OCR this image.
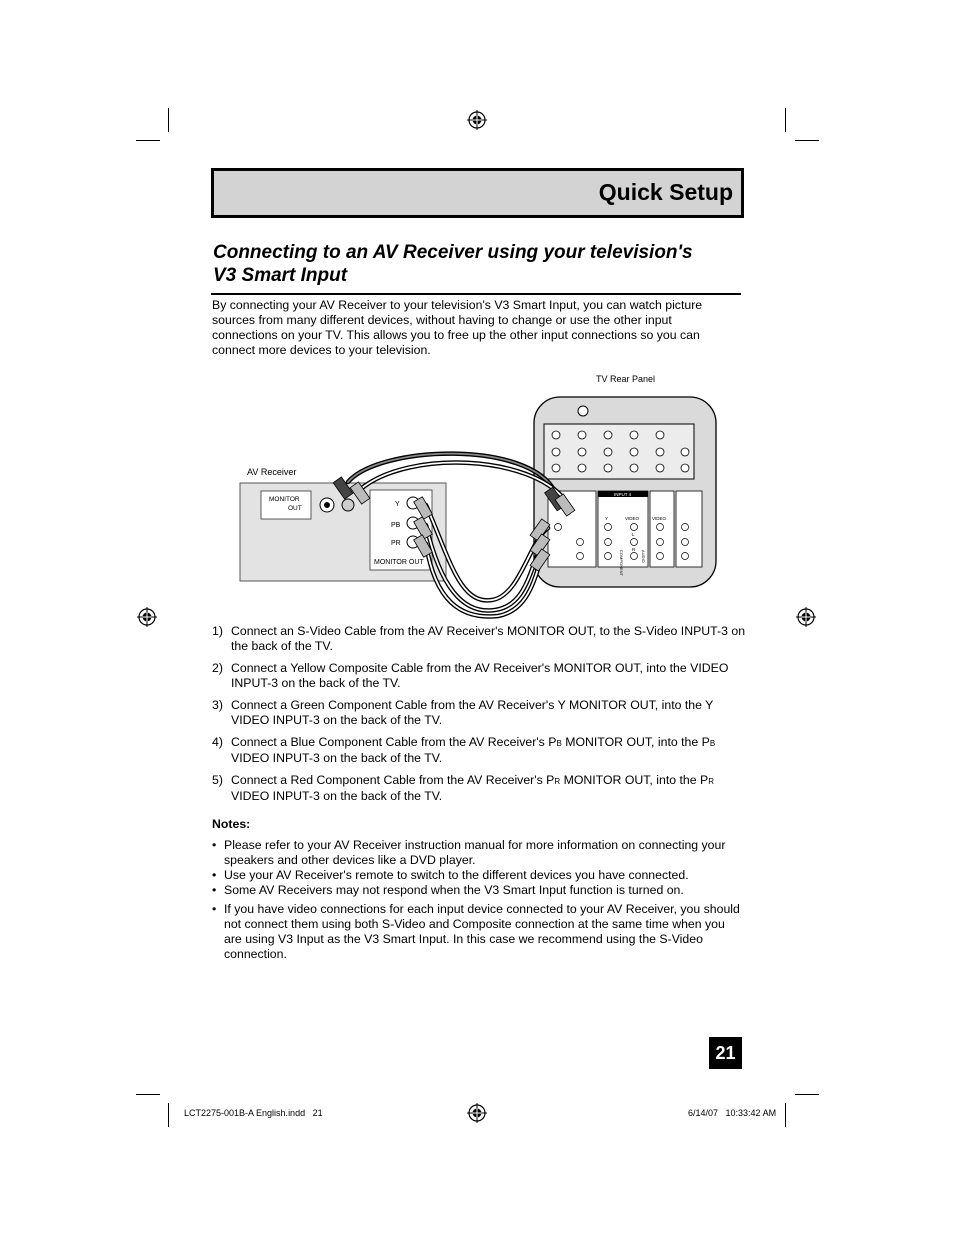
Quick Setup
Connecting to an AV Receiver using your television's
V3 Smart Input
By connecting your AV Receiver to your television's V3 Smart Input, you can watch picture sources from many different devices, without having to change or use the other input connections on your TV. This allows you to free up the other input connections so you can connect more devices to your television.
AV Receiver
MONITOR
OUT
Y
PB
PR
MONITOR OUT
TV Rear Panel
INPUT 4
Y	VIDEO	VIDEO
L
R
COMPONENT	AUDIO
1) Connect an S-Video Cable from the AV Receiver's MONITOR OUT, to the S-Video INPUT-3 on the back of the TV.
2) Connect a Yellow Composite Cable from the AV Receiver's MONITOR OUT, into the VIDEO INPUT-3 on the back of the TV.
3) Connect a Green Component Cable from the AV Receiver's Y MONITOR OUT, into the Y VIDEO INPUT-3 on the back of the TV.
4) Connect a Blue Component Cable from the AV Receiver's PB MONITOR OUT, into the PB VIDEO INPUT-3 on the back of the TV.
5) Connect a Red Component Cable from the AV Receiver's PR MONITOR OUT, into the PR VIDEO INPUT-3 on the back of the TV.
Notes:
• Please refer to your AV Receiver instruction manual for more information on connecting your speakers and other devices like a DVD player.
• Use your AV Receiver's remote to switch to the different devices you have connected.
• Some AV Receivers may not respond when the V3 Smart Input function is turned on.
• If you have video connections for each input device connected to your AV Receiver, you should not connect them using both S-Video and Composite connection at the same time when you are using V3 Input as the V3 Smart Input. In this case we recommend using the S-Video connection.
21
LCT2275-001B-A English.indd   21	6/14/07   10:33:42 AM
